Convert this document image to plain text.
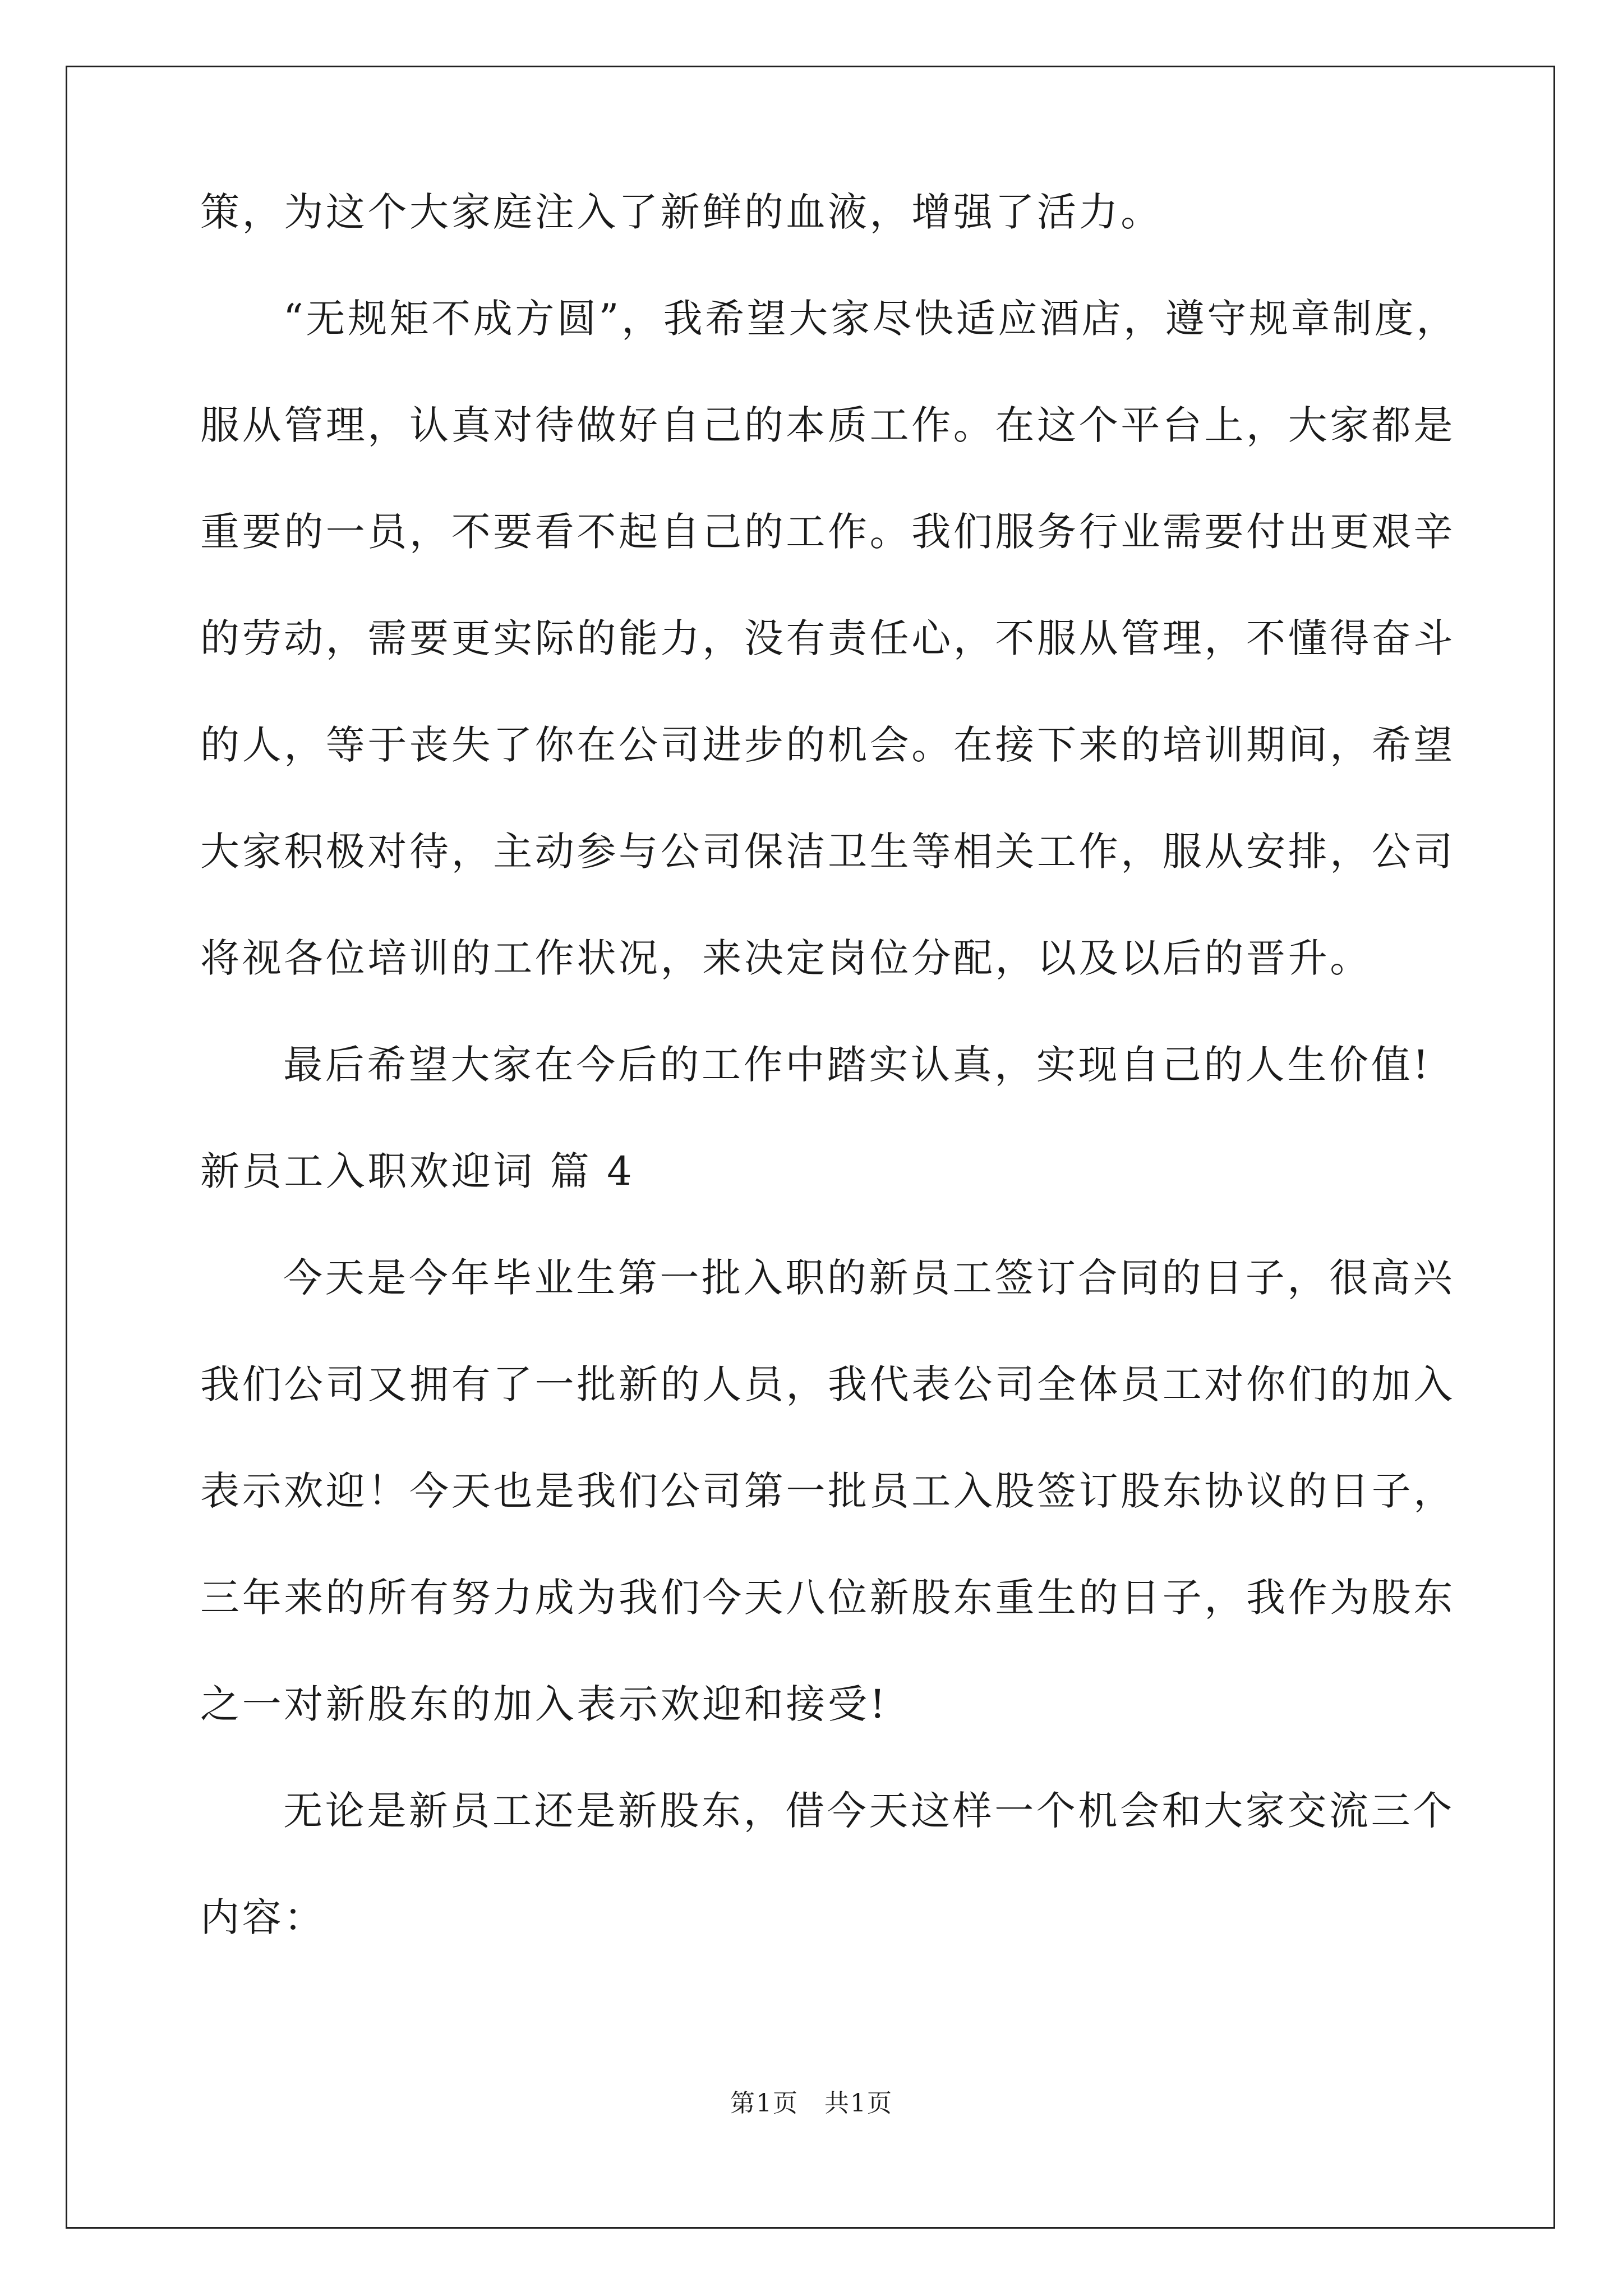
策，为这个大家庭注入了新鲜的血液，增强了活力。
“无规矩不成方圆”，我希望大家尽快适应酒店，遵守规章制度，
服从管理，认真对待做好自己的本质工作。在这个平台上，大家都是
重要的一员，不要看不起自己的工作。我们服务行业需要付出更艰辛
的劳动，需要更实际的能力，没有责任心，不服从管理，不懂得奋斗
的人，等于丧失了你在公司进步的机会。在接下来的培训期间，希望
大家积极对待，主动参与公司保洁卫生等相关工作，服从安排，公司
将视各位培训的工作状况，来决定岗位分配，以及以后的晋升。
最后希望大家在今后的工作中踏实认真，实现自己的人生价值!
新员工入职欢迎词 篇 4
今天是今年毕业生第一批入职的新员工签订合同的日子，很高兴
我们公司又拥有了一批新的人员，我代表公司全体员工对你们的加入
表示欢迎！今天也是我们公司第一批员工入股签订股东协议的日子，
三年来的所有努力成为我们今天八位新股东重生的日子，我作为股东
之一对新股东的加入表示欢迎和接受!
无论是新员工还是新股东，借今天这样一个机会和大家交流三个
内容：
第1页　共1页
